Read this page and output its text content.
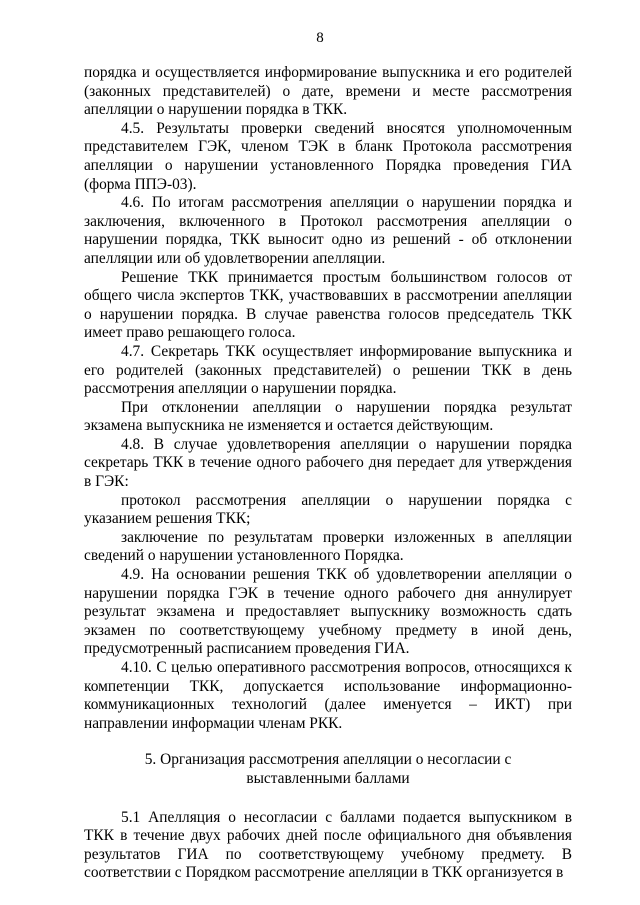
8

порядка и осуществляется информирование выпускника и его родителей (законных представителей) о дате, времени и месте рассмотрения апелляции о нарушении порядка в ТКК.

4.5. Результаты проверки сведений вносятся уполномоченным представителем ГЭК, членом ТЭК в бланк Протокола рассмотрения апелляции о нарушении установленного Порядка проведения ГИА (форма ППЭ-03).

4.6. По итогам рассмотрения апелляции о нарушении порядка и заключения, включенного в Протокол рассмотрения апелляции о нарушении порядка, ТКК выносит одно из решений - об отклонении апелляции или об удовлетворении апелляции.

Решение ТКК принимается простым большинством голосов от общего числа экспертов ТКК, участвовавших в рассмотрении апелляции о нарушении порядка. В случае равенства голосов председатель ТКК имеет право решающего голоса.

4.7. Секретарь ТКК осуществляет информирование выпускника и его родителей (законных представителей) о решении ТКК в день рассмотрения апелляции о нарушении порядка.

При отклонении апелляции о нарушении порядка результат экзамена выпускника не изменяется и остается действующим.

4.8. В случае удовлетворения апелляции о нарушении порядка секретарь ТКК в течение одного рабочего дня передает для утверждения в ГЭК:

протокол рассмотрения апелляции о нарушении порядка с указанием решения ТКК;

заключение по результатам проверки изложенных в апелляции сведений о нарушении установленного Порядка.

4.9. На основании решения ТКК об удовлетворении апелляции о нарушении порядка ГЭК в течение одного рабочего дня аннулирует результат экзамена и предоставляет выпускнику возможность сдать экзамен по соответствующему учебному предмету в иной день, предусмотренный расписанием проведения ГИА.

4.10. С целью оперативного рассмотрения вопросов, относящихся к компетенции ТКК, допускается использование информационно-коммуникационных технологий (далее именуется – ИКТ) при направлении информации членам РКК.

5. Организация рассмотрения апелляции о несогласии с
выставленными баллами

5.1 Апелляция о несогласии с баллами подается выпускником в ТКК в течение двух рабочих дней после официального дня объявления результатов ГИА по соответствующему учебному предмету. В соответствии с Порядком рассмотрение апелляции в ТКК организуется в
